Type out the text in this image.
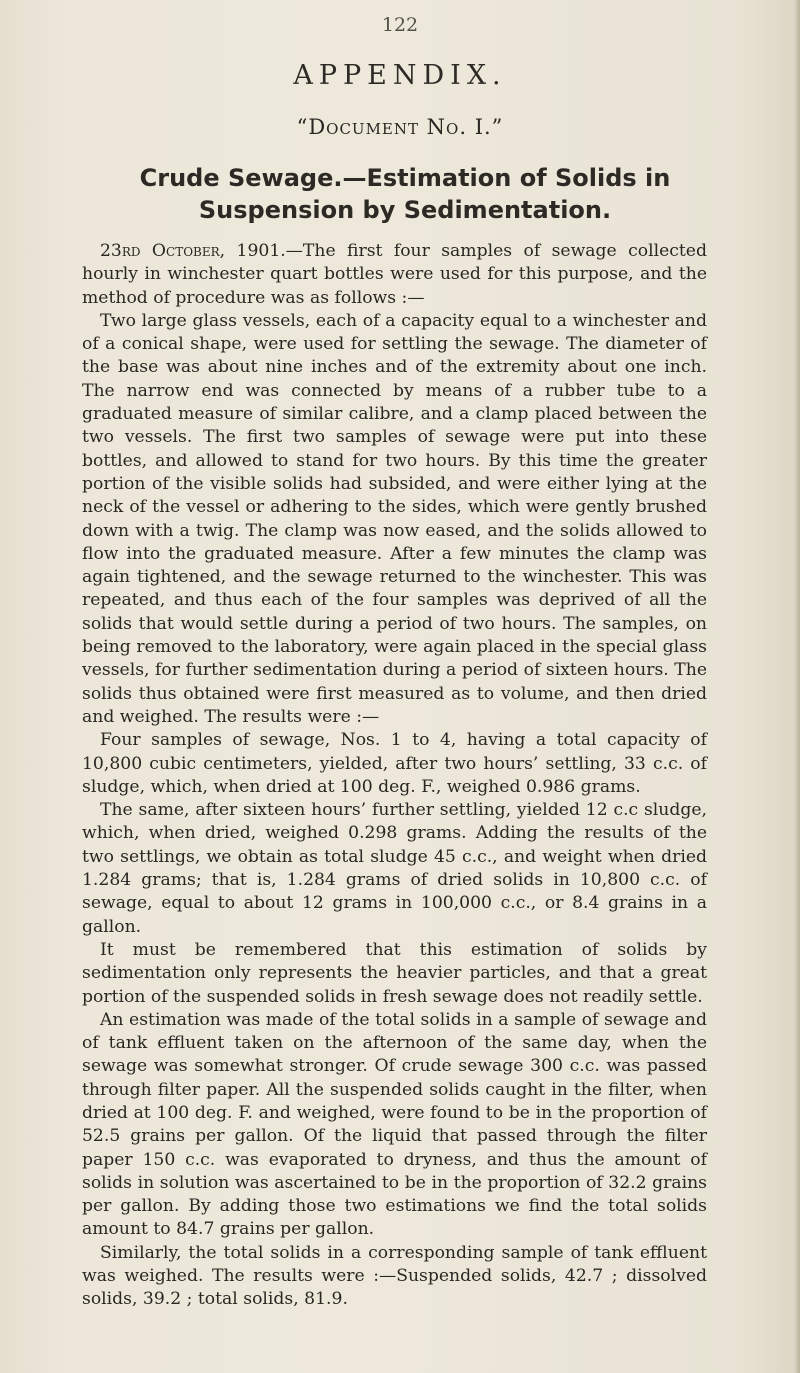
122
APPENDIX.
“Document No. I.”
Crude Sewage.—Estimation of Solids in Suspension by Sedimentation.

23rd October, 1901.—The first four samples of sewage collected hourly in winchester quart bottles were used for this purpose, and the method of procedure was as follows :—

Two large glass vessels, each of a capacity equal to a winchester and of a conical shape, were used for settling the sewage. The diameter of the base was about nine inches and of the extremity about one inch. The narrow end was connected by means of a rubber tube to a graduated measure of similar calibre, and a clamp placed between the two vessels. The first two samples of sewage were put into these bottles, and allowed to stand for two hours. By this time the greater portion of the visible solids had subsided, and were either lying at the neck of the vessel or adhering to the sides, which were gently brushed down with a twig. The clamp was now eased, and the solids allowed to flow into the graduated measure. After a few minutes the clamp was again tightened, and the sewage returned to the winchester. This was repeated, and thus each of the four samples was deprived of all the solids that would settle during a period of two hours. The samples, on being removed to the laboratory, were again placed in the special glass vessels, for further sedimentation during a period of sixteen hours. The solids thus obtained were first measured as to volume, and then dried and weighed. The results were :—

Four samples of sewage, Nos. 1 to 4, having a total capacity of 10,800 cubic centimeters, yielded, after two hours’ settling, 33 c.c. of sludge, which, when dried at 100 deg. F., weighed 0.986 grams.

The same, after sixteen hours’ further settling, yielded 12 c.c sludge, which, when dried, weighed 0.298 grams. Adding the results of the two settlings, we obtain as total sludge 45 c.c., and weight when dried 1.284 grams; that is, 1.284 grams of dried solids in 10,800 c.c. of sewage, equal to about 12 grams in 100,000 c.c., or 8.4 grains in a gallon.

It must be remembered that this estimation of solids by sedimentation only represents the heavier particles, and that a great portion of the suspended solids in fresh sewage does not readily settle.

An estimation was made of the total solids in a sample of sewage and of tank effluent taken on the afternoon of the same day, when the sewage was somewhat stronger. Of crude sewage 300 c.c. was passed through filter paper. All the suspended solids caught in the filter, when dried at 100 deg. F. and weighed, were found to be in the proportion of 52.5 grains per gallon. Of the liquid that passed through the filter paper 150 c.c. was evaporated to dryness, and thus the amount of solids in solution was ascertained to be in the proportion of 32.2 grains per gallon. By adding those two estimations we find the total solids amount to 84.7 grains per gallon.

Similarly, the total solids in a corresponding sample of tank effluent was weighed. The results were :—Suspended solids, 42.7 ; dissolved solids, 39.2 ; total solids, 81.9.
